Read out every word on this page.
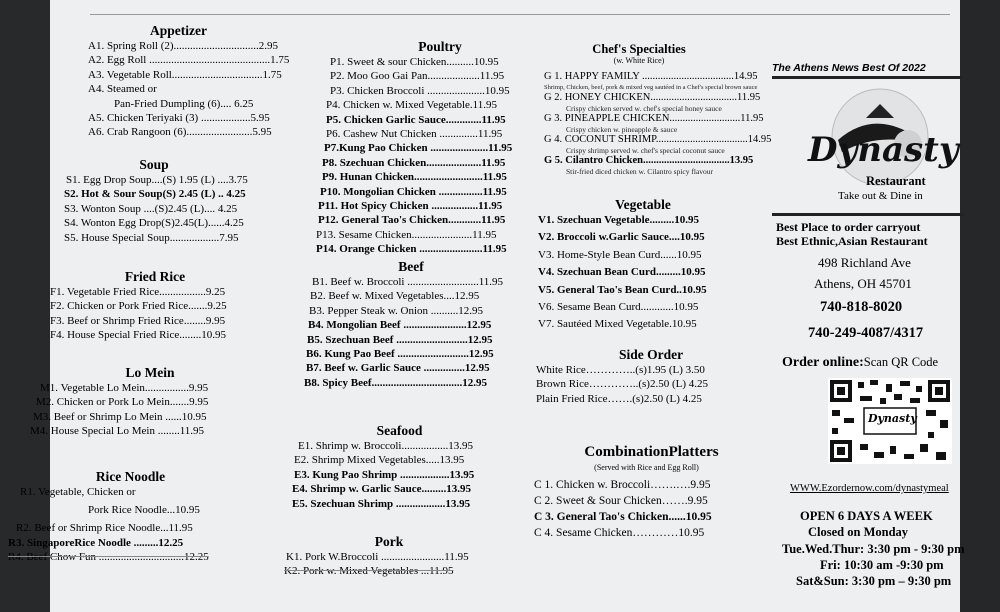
Appetizer

A1. Spring Roll (2)...............................2.95
A2. Egg Roll ............................................1.75
A3. Vegetable Roll.................................1.75
A4. Steamed or
Pan-Fried Dumpling (6).... 6.25
A5. Chicken Teriyaki (3) ..................5.95
A6. Crab Rangoon (6)........................5.95

Soup

S1. Egg Drop Soup....(S) 1.95 (L) ....3.75
S2. Hot & Sour Soup(S) 2.45 (L) .. 4.25
S3. Wonton Soup ....(S)2.45 (L).... 4.25
S4. Wonton Egg Drop(S)2.45(L)......4.25
S5. House Special Soup..................7.95

Fried Rice

F1. Vegetable Fried Rice.................9.25
F2. Chicken or Pork Fried Rice.......9.25
F3. Beef or Shrimp Fried Rice........9.95
F4. House Special Fried Rice........10.95

Lo Mein

M1. Vegetable Lo Mein................9.95
M2. Chicken or Pork Lo Mein.......9.95
M3. Beef or Shrimp Lo Mein ......10.95
M4. House Special Lo Mein ........11.95

Rice Noodle

R1. Vegetable, Chicken or
Pork Rice Noodle...10.95
R2. Beef or Shrimp Rice Noodle...11.95
R3. SingaporeRice Noodle .........12.25
R4. Beef Chow Fun ...............................12.25

Poultry

P1. Sweet & sour Chicken..........10.95
P2. Moo Goo Gai Pan...................11.95
P3. Chicken Broccoli .....................10.95
P4. Chicken w. Mixed Vegetable.11.95
P5. Chicken Garlic Sauce.............11.95
P6. Cashew Nut Chicken ..............11.95
P7.Kung Pao Chicken .....................11.95
P8. Szechuan Chicken....................11.95
P9. Hunan Chicken.........................11.95
P10. Mongolian Chicken ................11.95
P11. Hot Spicy Chicken .................11.95
P12. General Tao's Chicken............11.95
P13. Sesame Chicken......................11.95
P14. Orange Chicken .......................11.95

Beef

B1. Beef w. Broccoli ..........................11.95
B2. Beef w. Mixed Vegetables....12.95
B3. Pepper Steak w. Onion ..........12.95
B4. Mongolian Beef .......................12.95
B5. Szechuan Beef ..........................12.95
B6. Kung Pao Beef ..........................12.95
B7. Beef w. Garlic Sauce ...............12.95
B8. Spicy Beef.................................12.95

Seafood

E1. Shrimp w. Broccoli.................13.95
E2. Shrimp Mixed Vegetables.....13.95
E3. Kung Pao Shrimp ..................13.95
E4. Shrimp w. Garlic Sauce.........13.95
E5. Szechuan Shrimp ..................13.95

Pork

K1. Pork W.Broccoli .......................11.95
K2. Pork w. Mixed Vegetables ...11.95

Chef's Specialties

(w. White Rice)
G 1. HAPPY FAMILY ...................................14.95
Shrimp, Chicken, beef, pork & mixed veg sautéed in a Chef's special brown sauce
G 2. HONEY CHICKEN.................................11.95
Crispy chicken served w. chef's special honey sauce
G 3. PINEAPPLE CHICKEN...........................11.95
Crispy chicken w. pineapple & sauce
G 4. COCONUT SHRIMP...................................14.95
Crispy shrimp served w. chef's special coconut sauce
G 5. Cilantro Chicken.................................13.95
Stir-fried diced chicken w. Cilantro spicy flavour

Vegetable

V1. Szechuan Vegetable.........10.95
V2. Broccoli w.Garlic Sauce....10.95
V3. Home-Style Bean Curd......10.95
V4. Szechuan Bean Curd.........10.95
V5. General Tao's Bean Curd..10.95
V6. Sesame Bean Curd............10.95
V7. Sautéed Mixed Vegetable.10.95

Side Order

White Rice…………..(s)1.95 (L) 3.50
Brown Rice…………..(s)2.50 (L) 4.25
Plain Fried Rice…….(s)2.50 (L) 4.25

CombinationPlatters

(Served with Rice and Egg Roll)
C 1. Chicken w. Broccoli…….….9.95
C 2. Sweet & Sour Chicken…….9.95
C 3. General Tao's Chicken......10.95
C 4. Sesame Chicken…………10.95
The Athens News Best Of 2022
Dynasty
Restaurant
Take out & Dine in
Best Place to order carryout
Best Ethnic,Asian Restaurant
498 Richland Ave
Athens, OH 45701
740-818-8020
740-249-4087/4317
Order online:Scan QR Code
Dynasty
WWW.Ezordernow.com/dynastymeal
OPEN 6 DAYS A WEEK
Closed on Monday
Tue.Wed.Thur: 3:30 pm - 9:30 pm
Fri: 10:30 am -9:30 pm
Sat&Sun: 3:30 pm – 9:30 pm
